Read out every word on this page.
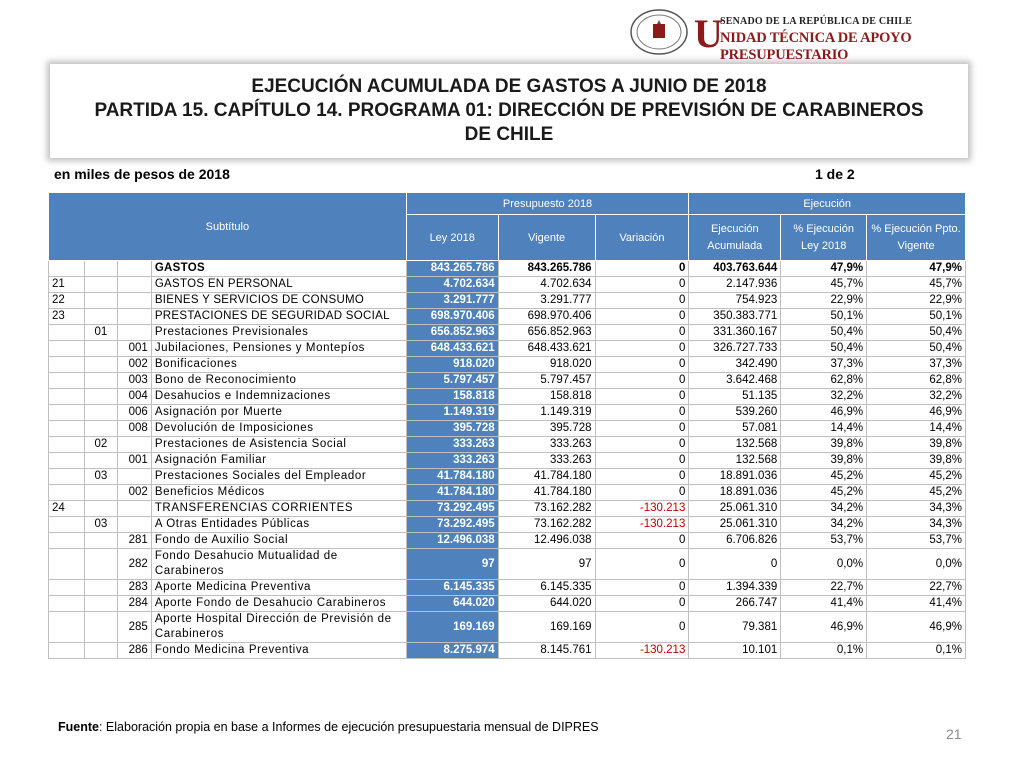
U
SENADO DE LA REPÚBLICA DE CHILE
NIDAD TÉCNICA DE APOYO PRESUPUESTARIO
EJECUCIÓN ACUMULADA DE GASTOS A JUNIO DE 2018
PARTIDA 15. CAPÍTULO 14. PROGRAMA 01: DIRECCIÓN DE PREVISIÓN DE CARABINEROS DE CHILE
en miles de pesos de 2018	1 de 2
Subtítulo				Presupuesto 2018			Ejecución		
				Ley 2018	Vigente	Variación	Ejecución Acumulada	% Ejecución Ley 2018	% Ejecución Ppto. Vigente
			GASTOS	843.265.786	843.265.786	0	403.763.644	47,9%	47,9%
21			GASTOS EN PERSONAL	4.702.634	4.702.634	0	2.147.936	45,7%	45,7%
22			BIENES Y SERVICIOS DE CONSUMO	3.291.777	3.291.777	0	754.923	22,9%	22,9%
23			PRESTACIONES DE SEGURIDAD SOCIAL	698.970.406	698.970.406	0	350.383.771	50,1%	50,1%
	01		Prestaciones Previsionales	656.852.963	656.852.963	0	331.360.167	50,4%	50,4%
		001	Jubilaciones, Pensiones y Montepíos	648.433.621	648.433.621	0	326.727.733	50,4%	50,4%
		002	Bonificaciones	918.020	918.020	0	342.490	37,3%	37,3%
		003	Bono de Reconocimiento	5.797.457	5.797.457	0	3.642.468	62,8%	62,8%
		004	Desahucios e Indemnizaciones	158.818	158.818	0	51.135	32,2%	32,2%
		006	Asignación por Muerte	1.149.319	1.149.319	0	539.260	46,9%	46,9%
		008	Devolución de Imposiciones	395.728	395.728	0	57.081	14,4%	14,4%
	02		Prestaciones de Asistencia Social	333.263	333.263	0	132.568	39,8%	39,8%
		001	Asignación Familiar	333.263	333.263	0	132.568	39,8%	39,8%
	03		Prestaciones Sociales del Empleador	41.784.180	41.784.180	0	18.891.036	45,2%	45,2%
		002	Beneficios Médicos	41.784.180	41.784.180	0	18.891.036	45,2%	45,2%
24			TRANSFERENCIAS CORRIENTES	73.292.495	73.162.282	-130.213	25.061.310	34,2%	34,3%
	03		A Otras Entidades Públicas	73.292.495	73.162.282	-130.213	25.061.310	34,2%	34,3%
		281	Fondo de Auxilio Social	12.496.038	12.496.038	0	6.706.826	53,7%	53,7%
		282	Fondo Desahucio Mutualidad de Carabineros	97	97	0	0	0,0%	0,0%
		283	Aporte Medicina Preventiva	6.145.335	6.145.335	0	1.394.339	22,7%	22,7%
		284	Aporte Fondo de Desahucio Carabineros	644.020	644.020	0	266.747	41,4%	41,4%
		285	Aporte Hospital Dirección de Previsión de Carabineros	169.169	169.169	0	79.381	46,9%	46,9%
		286	Fondo Medicina Preventiva	8.275.974	8.145.761	-130.213	10.101	0,1%	0,1%
Fuente: Elaboración propia en base a Informes de ejecución presupuestaria mensual de DIPRES	21
